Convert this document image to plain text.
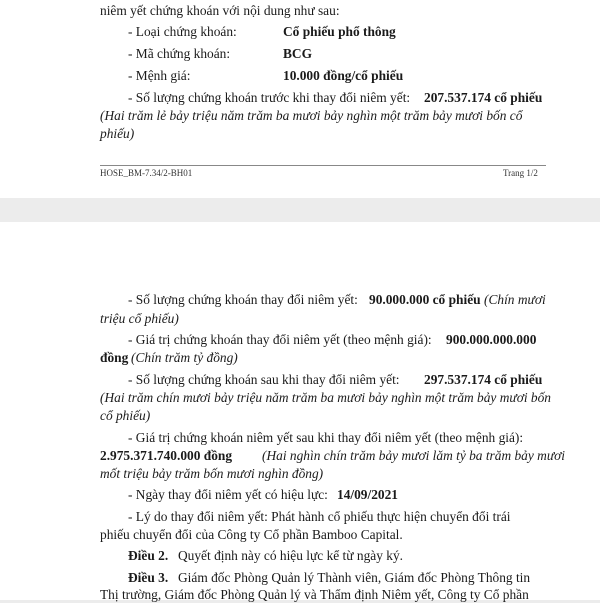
niêm yết chứng khoán với nội dung như sau:
- Loại chứng khoán:	Cổ phiếu phổ thông
- Mã chứng khoán:	BCG
- Mệnh giá:	10.000 đồng/cổ phiếu
- Số lượng chứng khoán trước khi thay đổi niêm yết: 207.537.174 cổ phiếu
(Hai trăm lẻ bảy triệu năm trăm ba mươi bảy nghìn một trăm bảy mươi bốn cổ
phiếu)
HOSE_BM-7.34/2-BH01	Trang 1/2
- Số lượng chứng khoán thay đổi niêm yết: 90.000.000 cổ phiếu (Chín mươi
triệu cổ phiếu)
- Giá trị chứng khoán thay đổi niêm yết (theo mệnh giá): 900.000.000.000
đồng (Chín trăm tỷ đồng)
- Số lượng chứng khoán sau khi thay đổi niêm yết: 297.537.174 cổ phiếu
(Hai trăm chín mươi bảy triệu năm trăm ba mươi bảy nghìn một trăm bảy mươi bốn
cổ phiếu)
- Giá trị chứng khoán niêm yết sau khi thay đổi niêm yết (theo mệnh giá):
2.975.371.740.000 đồng (Hai nghìn chín trăm bảy mươi lăm tỷ ba trăm bảy mươi
mốt triệu bảy trăm bốn mươi nghìn đồng)
- Ngày thay đổi niêm yết có hiệu lực: 14/09/2021
- Lý do thay đổi niêm yết: Phát hành cổ phiếu thực hiện chuyển đổi trái
phiếu chuyển đổi của Công ty Cổ phần Bamboo Capital.
Điều 2. Quyết định này có hiệu lực kể từ ngày ký.
Điều 3. Giám đốc Phòng Quản lý Thành viên, Giám đốc Phòng Thông tin
Thị trường, Giám đốc Phòng Quản lý và Thẩm định Niêm yết, Công ty Cổ phần
